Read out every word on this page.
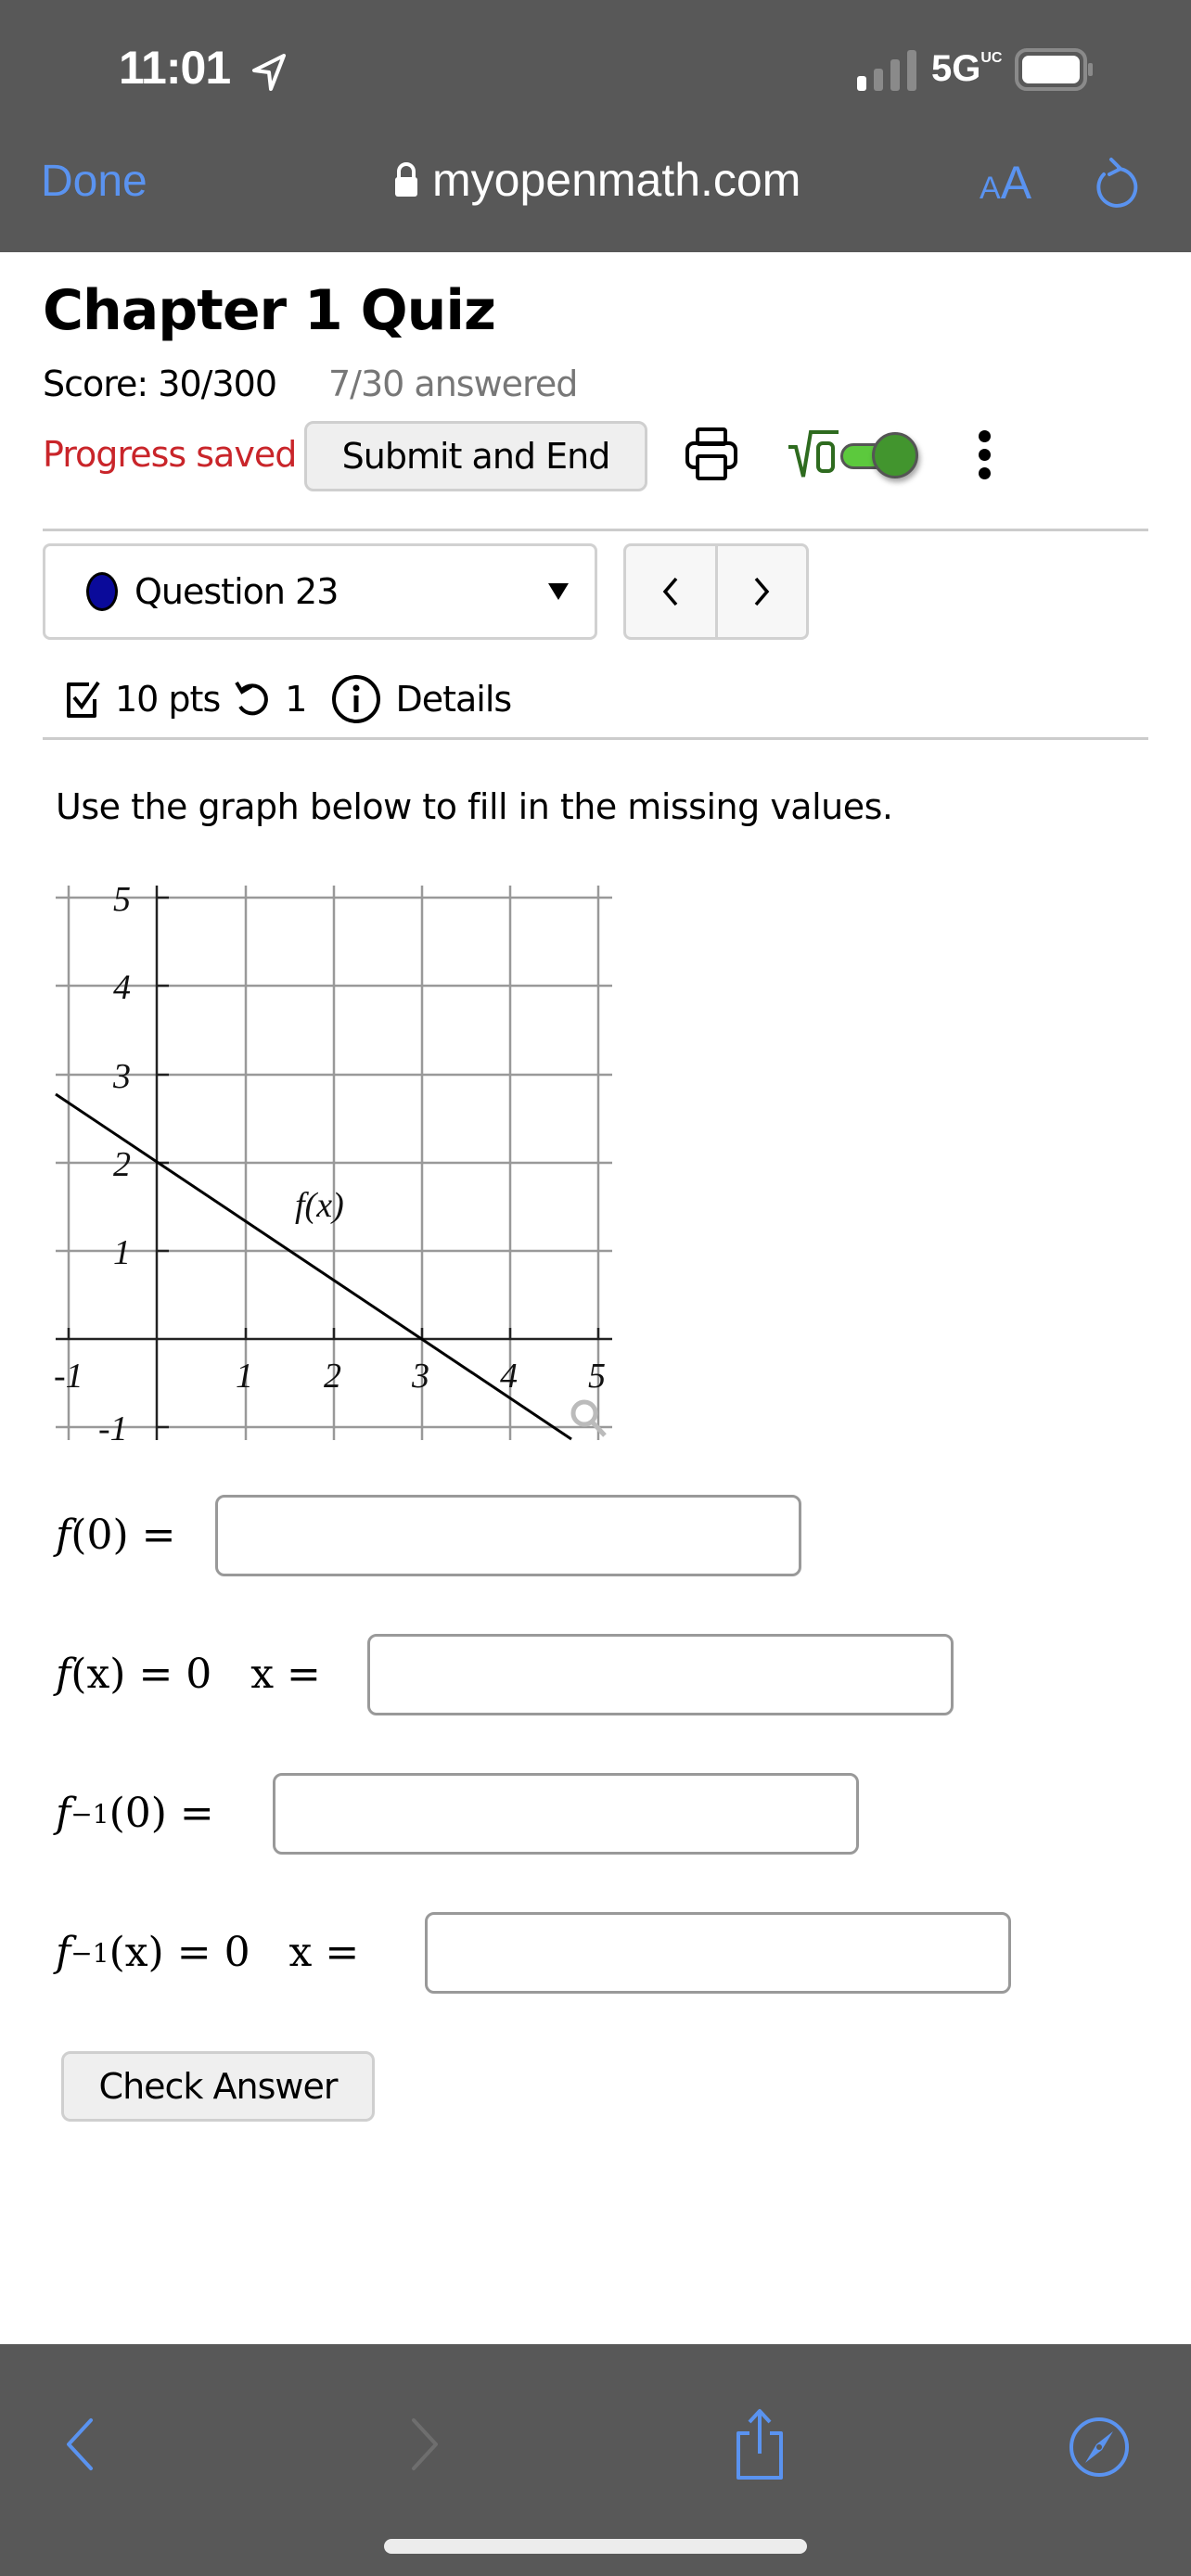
11:01	$5G^{UC}$
Done	myopenmath.com	AA
Chapter 1 Quiz
Score: 30/300 7/30 answered
Progress saved	Submit and End
Question 23
10 pts 1	Details
Use the graph below to fill in the missing values.
5
4
3
2
1
-1
-1	1 2 3 4 5
f(x)
f (0) =
f (x) = 0   x =
$f^{-1}$ (0) =
$f^{-1}$ (x) = 0   x =
Check Answer
